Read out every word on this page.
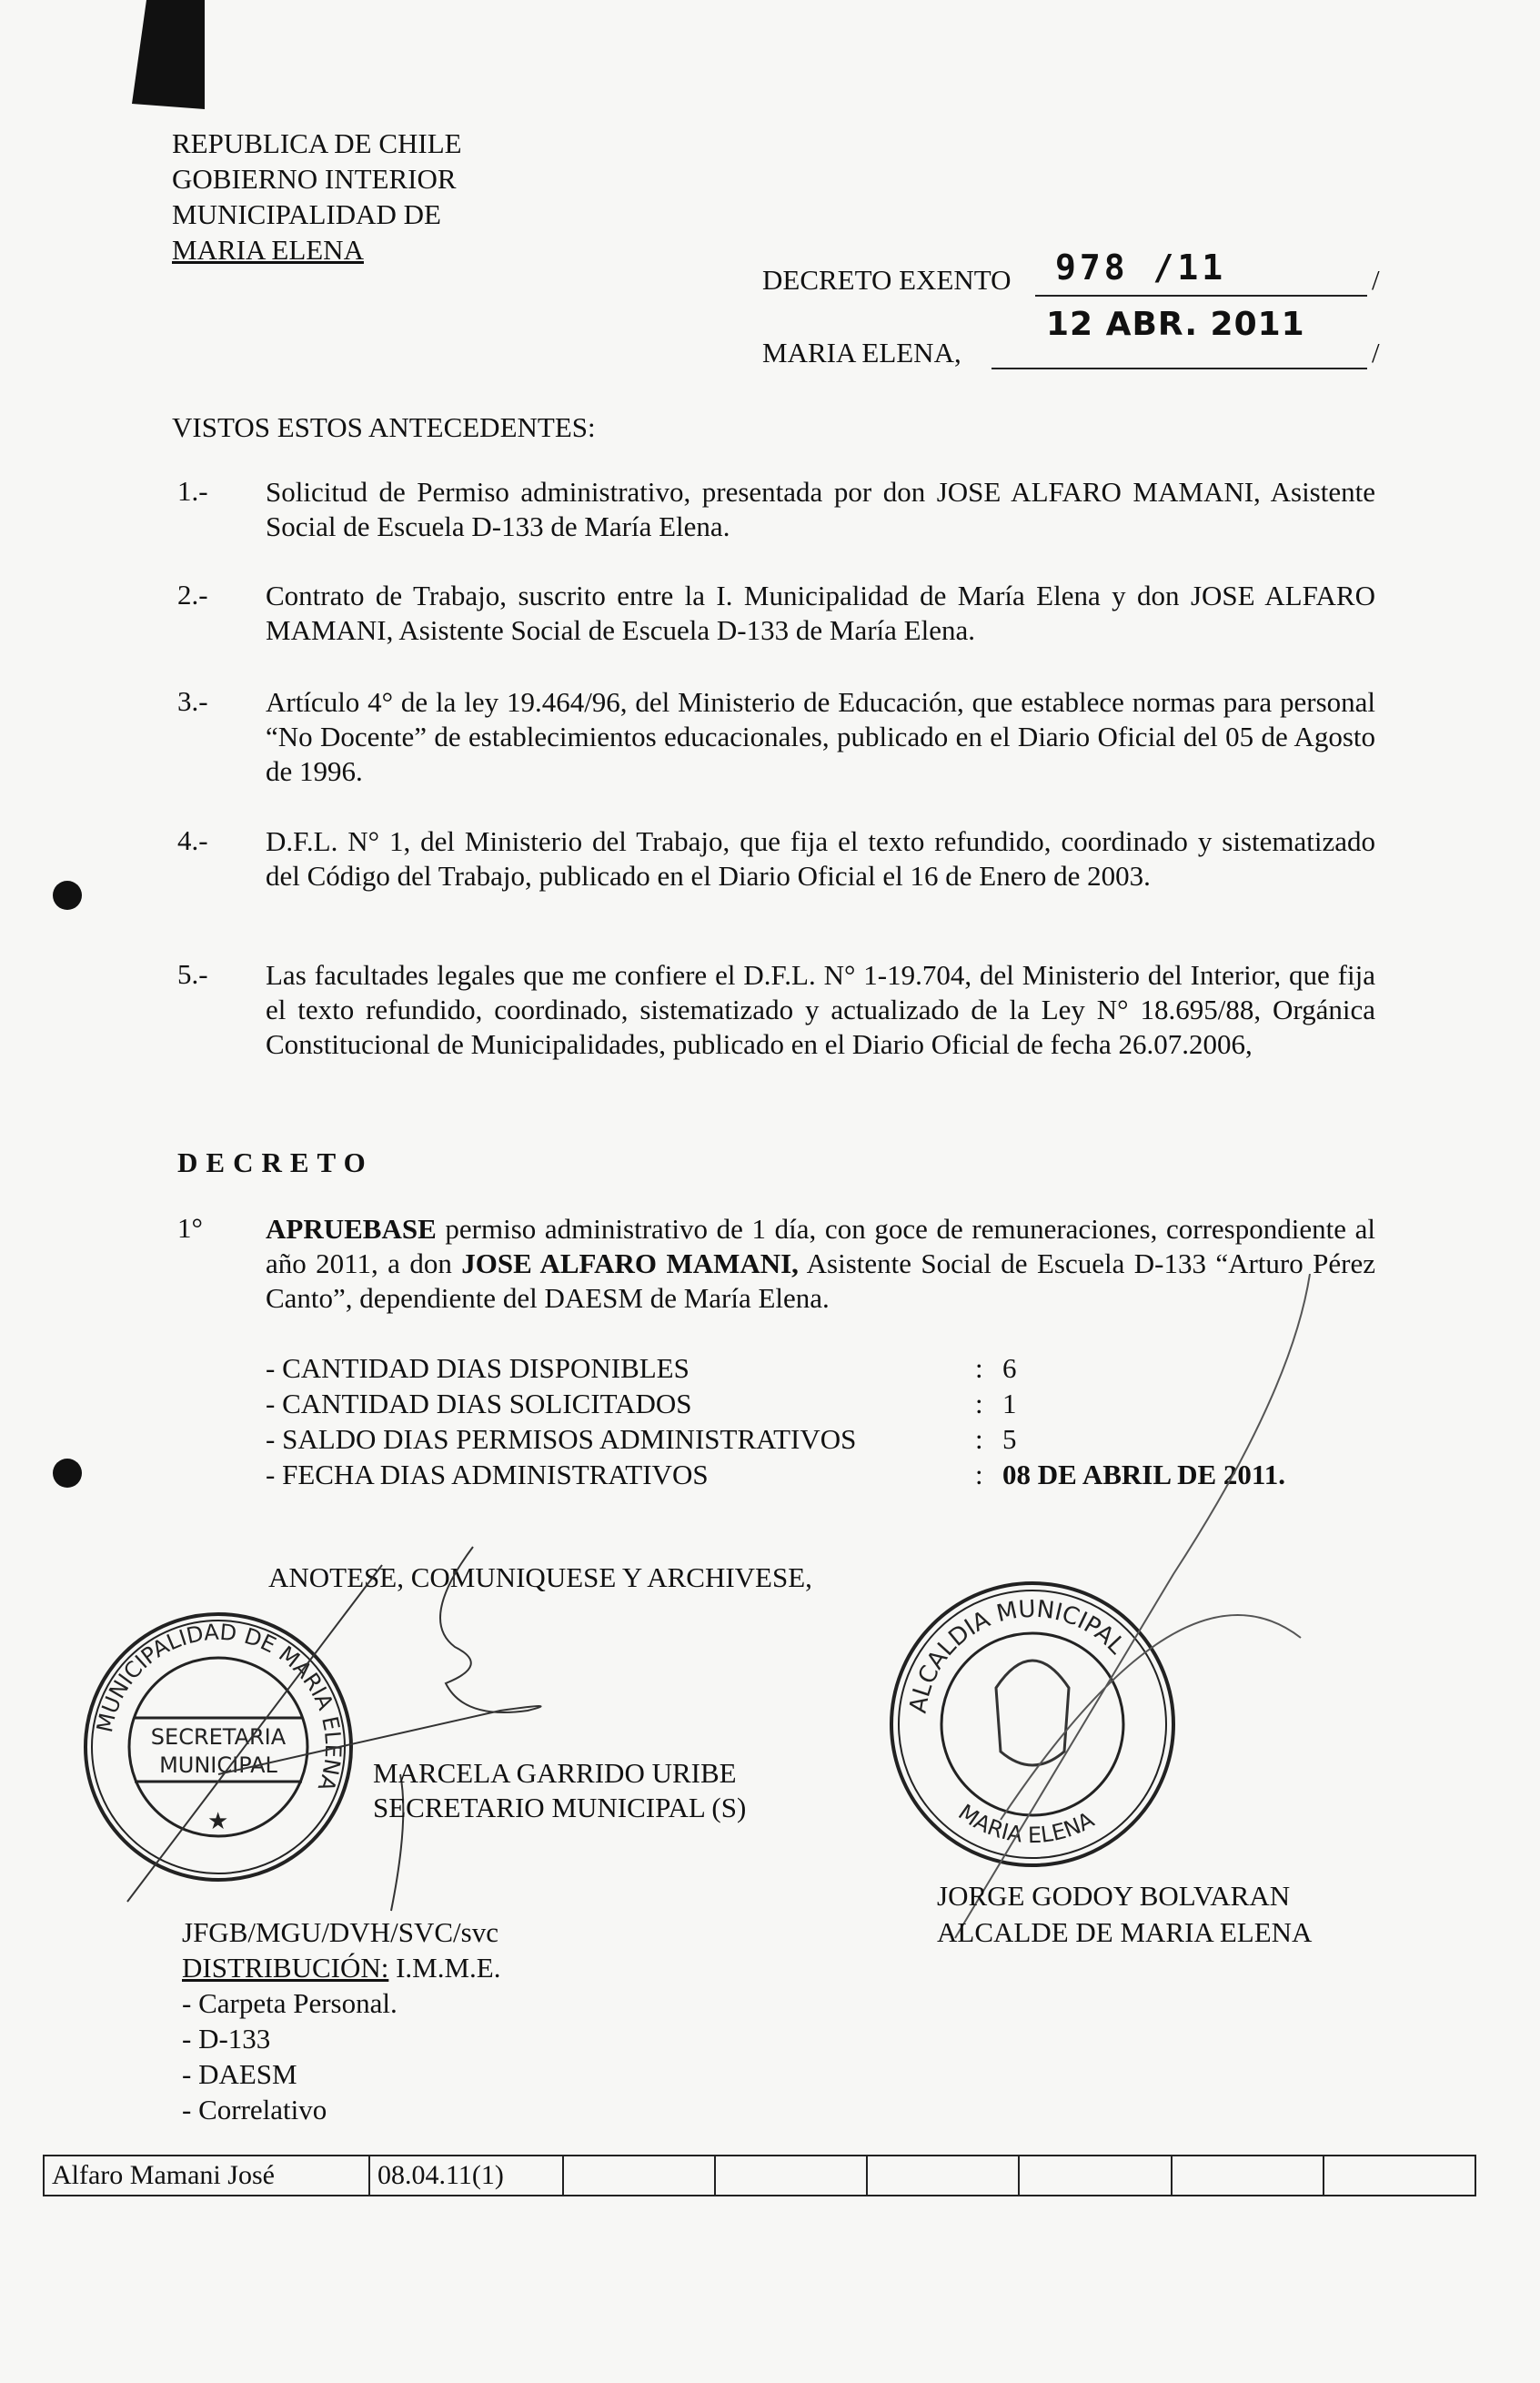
REPUBLICA DE CHILE
GOBIERNO INTERIOR
MUNICIPALIDAD DE
MARIA ELENA
DECRETO EXENTO 978 /11	/
MARIA ELENA,
12 ABR. 2011
/
VISTOS ESTOS ANTECEDENTES:
1.- Solicitud de Permiso administrativo, presentada por don JOSE ALFARO MAMANI, Asistente Social de Escuela D-133 de María Elena.
2.- Contrato de Trabajo, suscrito entre la I. Municipalidad de María Elena y don JOSE ALFARO MAMANI, Asistente Social de Escuela D-133 de María Elena.
3.- Artículo 4° de la ley 19.464/96, del Ministerio de Educación, que establece normas para personal “No Docente” de establecimientos educacionales, publicado en el Diario Oficial del 05 de Agosto de 1996.
4.- D.F.L. N° 1, del Ministerio del Trabajo, que fija el texto refundido, coordinado y sistematizado del Código del Trabajo, publicado en el Diario Oficial el 16 de Enero de 2003.
5.- Las facultades legales que me confiere el D.F.L. N° 1-19.704, del Ministerio del Interior, que fija el texto refundido, coordinado, sistematizado y actualizado de la Ley N° 18.695/88, Orgánica Constitucional de Municipalidades, publicado en el Diario Oficial de fecha 26.07.2006,
DECRETO
1° APRUEBASE permiso administrativo de 1 día, con goce de remuneraciones, correspondiente al año 2011, a don JOSE ALFARO MAMANI, Asistente Social de Escuela D-133 “Arturo Pérez Canto”, dependiente del DAESM de María Elena.
- CANTIDAD DIAS DISPONIBLES	: 6
- CANTIDAD DIAS SOLICITADOS	: 1
- SALDO DIAS PERMISOS ADMINISTRATIVOS	: 5
- FECHA DIAS ADMINISTRATIVOS	: 08 DE ABRIL DE 2011.
ANOTESE, COMUNIQUESE Y ARCHIVESE,
MUNICIPALIDAD DE MARIA ELENA
SECRETARIA
MUNICIPAL
★
ALCALDIA MUNICIPAL
MARIA ELENA
MARCELA GARRIDO URIBE
SECRETARIO MUNICIPAL (S)
JORGE GODOY BOLVARAN
ALCALDE DE MARIA ELENA
JFGB/MGU/DVH/SVC/svc
DISTRIBUCIÓN: I.M.M.E.
- Carpeta Personal.
- D-133
- DAESM
- Correlativo
Alfaro Mamani José	08.04.11(1)						
